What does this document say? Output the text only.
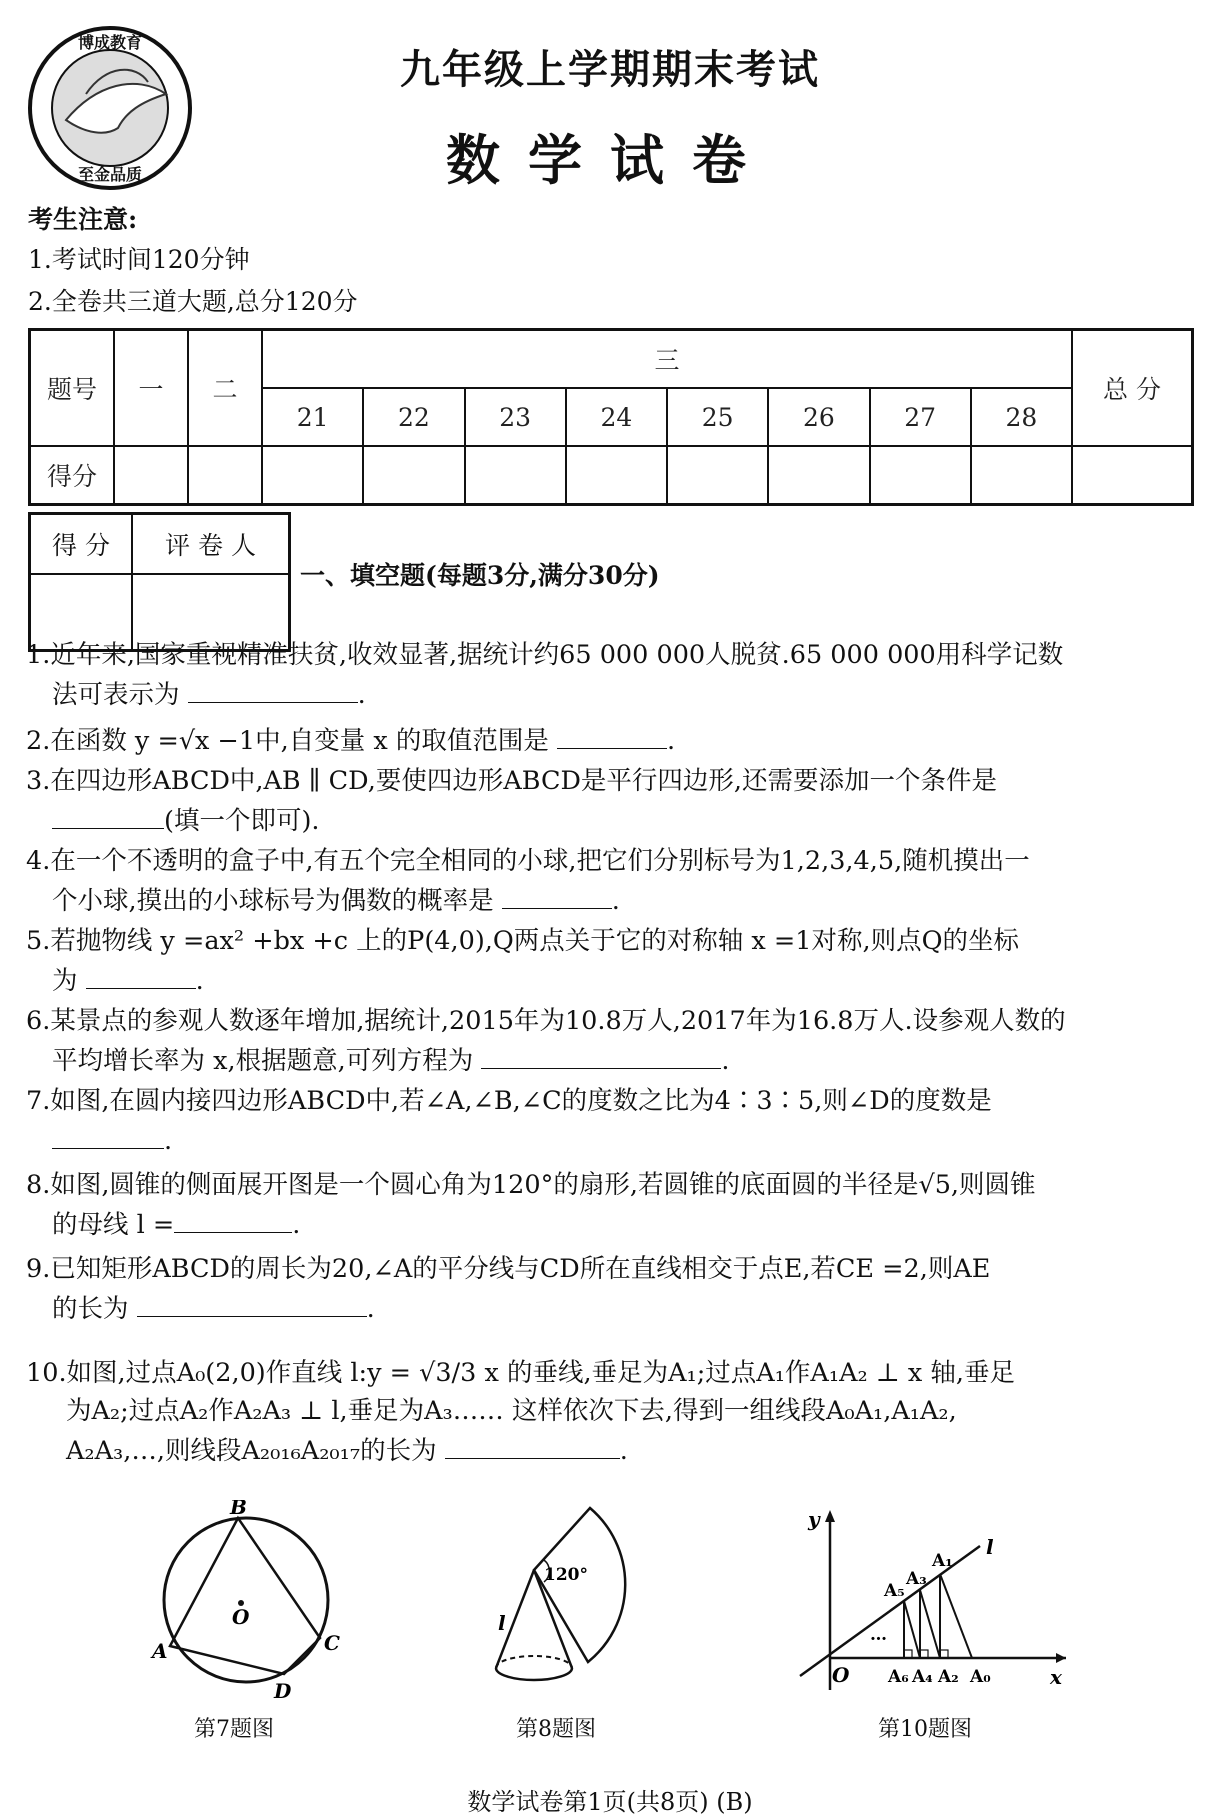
博成教育
至金品质
九年级上学期期末考试
数学试卷
考生注意:
1.考试时间120分钟
2.全卷共三道大题,总分120分
题号	一	二	三								总 分
			21	22	23	24	25	26	27	28	
得分											
得 分	评 卷 人

一、填空题(每题3分,满分30分)
1.近年来,国家重视精准扶贫,收效显著,据统计约65 000 000人脱贫.65 000 000用科学记数
法可表示为	.
2.在函数 y =√x −1中,自变量 x 的取值范围是	.
3.在四边形ABCD中,AB ∥ CD,要使四边形ABCD是平行四边形,还需要添加一个条件是
(填一个即可).
4.在一个不透明的盒子中,有五个完全相同的小球,把它们分别标号为1,2,3,4,5,随机摸出一
个小球,摸出的小球标号为偶数的概率是	.
5.若抛物线 y =ax² +bx +c 上的P(4,0),Q两点关于它的对称轴 x =1对称,则点Q的坐标
为	.
6.某景点的参观人数逐年增加,据统计,2015年为10.8万人,2017年为16.8万人.设参观人数的
平均增长率为 x,根据题意,可列方程为	.
7.如图,在圆内接四边形ABCD中,若∠A,∠B,∠C的度数之比为4∶3∶5,则∠D的度数是
.
8.如图,圆锥的侧面展开图是一个圆心角为120°的扇形,若圆锥的底面圆的半径是√5,则圆锥
的母线 l =	.
9.已知矩形ABCD的周长为20,∠A的平分线与CD所在直线相交于点E,若CE =2,则AE
的长为	.
10.如图,过点A₀(2,0)作直线 l:y = √3/3 x 的垂线,垂足为A₁;过点A₁作A₁A₂ ⊥ x 轴,垂足
为A₂;过点A₂作A₂A₃ ⊥ l,垂足为A₃…… 这样依次下去,得到一组线段A₀A₁,A₁A₂,
A₂A₃,…,则线段A₂₀₁₆A₂₀₁₇的长为	.
B
A	C
D
O
第7题图
120°
l
第8题图
y
x
O
l
A₁
A₃
A₅
…
A₆ A₄ A₂ A₀
第10题图
数学试卷第1页(共8页) (B)
